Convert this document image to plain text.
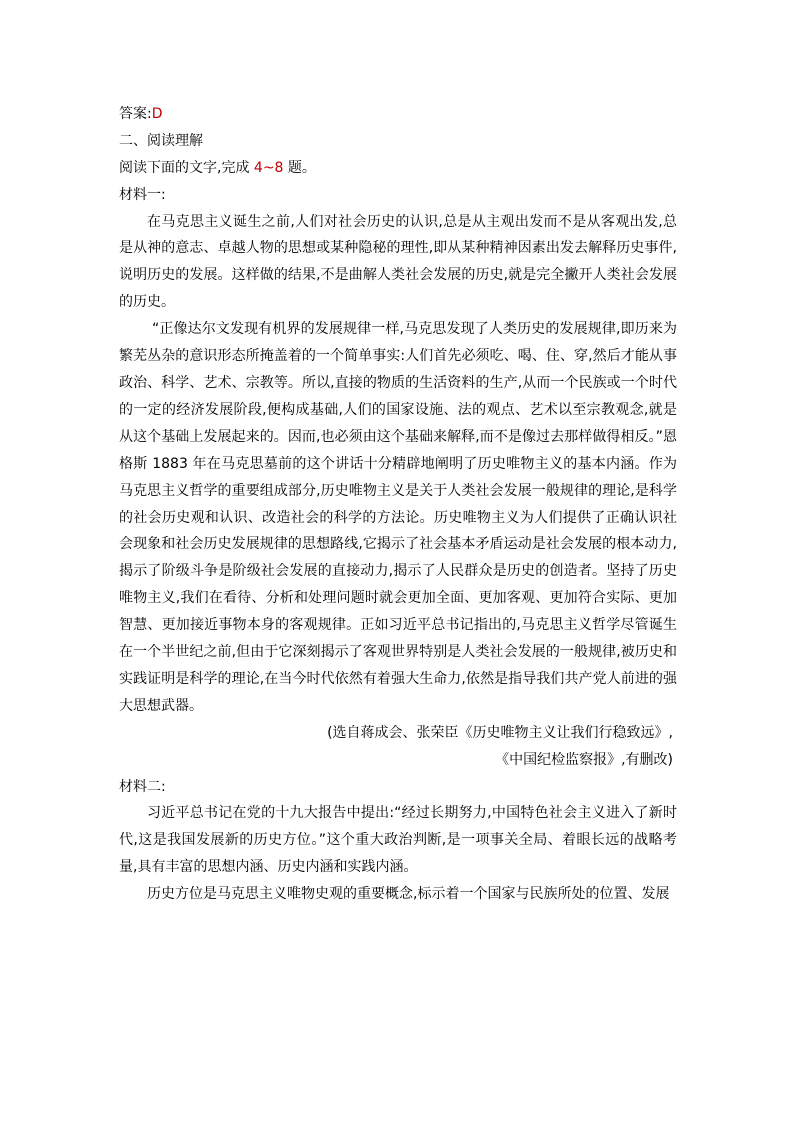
答案:D
二、阅读理解
阅读下面的文字,完成 4~8 题。
材料一:
在马克思主义诞生之前,人们对社会历史的认识,总是从主观出发而不是从客观出发,总是从神的意志、卓越人物的思想或某种隐秘的理性,即从某种精神因素出发去解释历史事件,说明历史的发展。这样做的结果,不是曲解人类社会发展的历史,就是完全撇开人类社会发展的历史。
“正像达尔文发现有机界的发展规律一样,马克思发现了人类历史的发展规律,即历来为繁芜丛杂的意识形态所掩盖着的一个简单事实:人们首先必须吃、喝、住、穿,然后才能从事政治、科学、艺术、宗教等。所以,直接的物质的生活资料的生产,从而一个民族或一个时代的一定的经济发展阶段,便构成基础,人们的国家设施、法的观点、艺术以至宗教观念,就是从这个基础上发展起来的。因而,也必须由这个基础来解释,而不是像过去那样做得相反。”恩格斯 1883 年在马克思墓前的这个讲话十分精辟地阐明了历史唯物主义的基本内涵。作为马克思主义哲学的重要组成部分,历史唯物主义是关于人类社会发展一般规律的理论,是科学的社会历史观和认识、改造社会的科学的方法论。历史唯物主义为人们提供了正确认识社会现象和社会历史发展规律的思想路线,它揭示了社会基本矛盾运动是社会发展的根本动力,揭示了阶级斗争是阶级社会发展的直接动力,揭示了人民群众是历史的创造者。坚持了历史唯物主义,我们在看待、分析和处理问题时就会更加全面、更加客观、更加符合实际、更加智慧、更加接近事物本身的客观规律。正如习近平总书记指出的,马克思主义哲学尽管诞生在一个半世纪之前,但由于它深刻揭示了客观世界特别是人类社会发展的一般规律,被历史和实践证明是科学的理论,在当今时代依然有着强大生命力,依然是指导我们共产党人前进的强大思想武器。
(选自蒋成会、张荣臣《历史唯物主义让我们行稳致远》,
《中国纪检监察报》,有删改)
材料二:
习近平总书记在党的十九大报告中提出:“经过长期努力,中国特色社会主义进入了新时代,这是我国发展新的历史方位。”这个重大政治判断,是一项事关全局、着眼长远的战略考量,具有丰富的思想内涵、历史内涵和实践内涵。
历史方位是马克思主义唯物史观的重要概念,标示着一个国家与民族所处的位置、发展
